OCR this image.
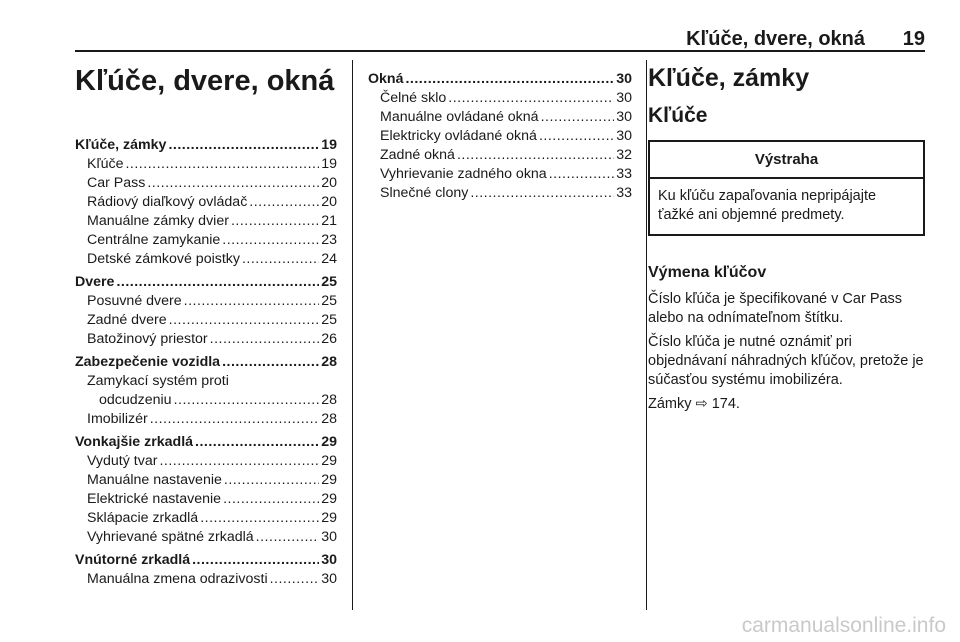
Kľúče, dvere, okná 19
Kľúče, dvere, okná
Kľúče, zámky .....	19
Kľúče .....	19
Car Pass .....	20
Rádiový diaľkový ovládač .....	20
Manuálne zámky dvier .....	21
Centrálne zamykanie .....	23
Detské zámkové poistky .....	24
Dvere .....	25
Posuvné dvere .....	25
Zadné dvere .....	25
Batožinový priestor .....	26
Zabezpečenie vozidla .....	28
Zamykací systém proti
odcudzeniu .....	28
Imobilizér .....	28
Vonkajšie zrkadlá .....	29
Vydutý tvar .....	29
Manuálne nastavenie .....	29
Elektrické nastavenie .....	29
Sklápacie zrkadlá .....	29
Vyhrievané spätné zrkadlá .....	30
Vnútorné zrkadlá .....	30
Manuálna zmena odrazivosti .....	30
Okná .....	30
Čelné sklo .....	30
Manuálne ovládané okná .....	30
Elektricky ovládané okná .....	30
Zadné okná .....	32
Vyhrievanie zadného okna .....	33
Slnečné clony .....	33
Kľúče, zámky
Kľúče
Výstraha
Ku kľúču zapaľovania nepripájajte ťažké ani objemné predmety.
Výmena kľúčov

Číslo kľúča je špecifikované v Car Pass alebo na odnímateľnom štítku.

Číslo kľúča je nutné oznámiť pri objednávaní náhradných kľúčov, pretože je súčasťou systému imobilizéra.

Zámky ⇨ 174.

carmanualsonline.info
